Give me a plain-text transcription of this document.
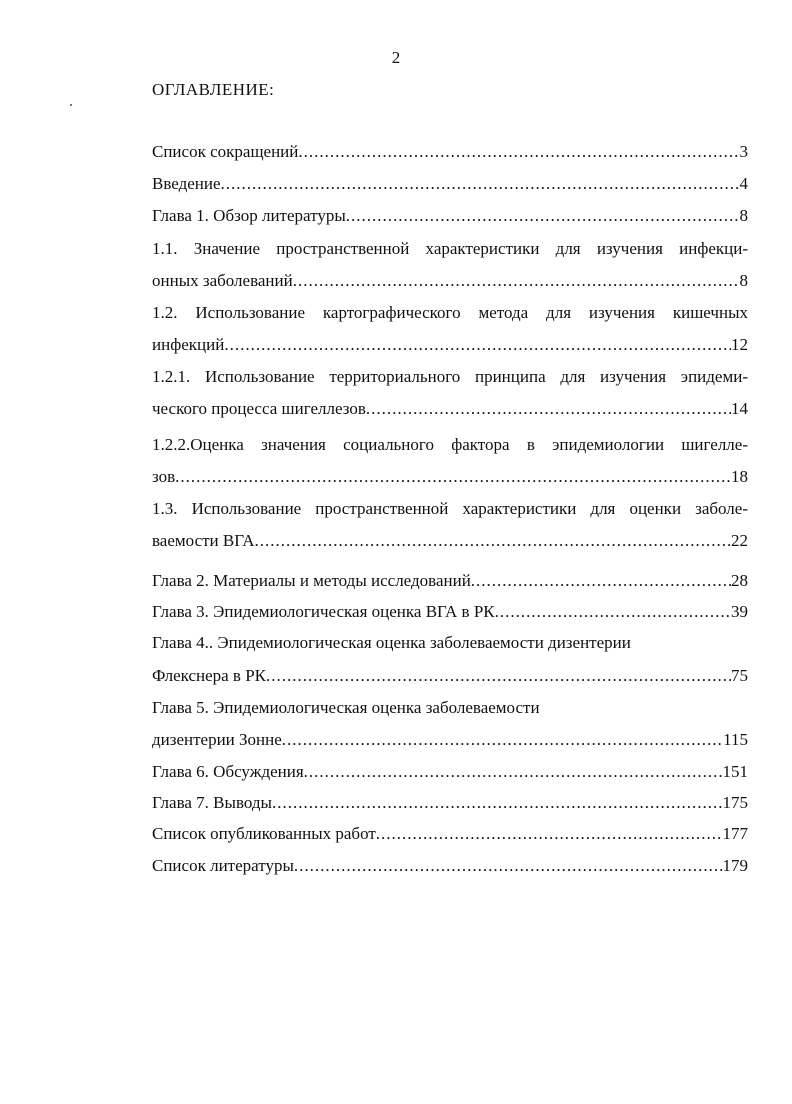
2
ОГЛАВЛЕНИЕ:
Список сокращений .....	3
Введение .....	4
Глава 1. Обзор литературы .....	8
1.1. Значение пространственной характеристики для изучения инфекци-
онных заболеваний .....	8
1.2. Использование картографического метода для изучения кишечных
инфекций .....	12
1.2.1. Использование территориального принципа для изучения эпидеми-
ческого процесса шигеллезов .....	14
1.2.2.Оценка значения социального фактора в эпидемиологии шигелле-
зов .....	18
1.3. Использование пространственной характеристики для оценки заболе-
ваемости ВГА .....	22
Глава 2. Материалы и методы исследований .....	28
Глава 3. Эпидемиологическая оценка ВГА в РК .....	39
Глава 4.. Эпидемиологическая оценка заболеваемости дизентерии
Флекснера в РК .....	75
Глава 5. Эпидемиологическая оценка заболеваемости
дизентерии Зонне .....	115
Глава 6. Обсуждения .....	151
Глава 7. Выводы .....	175
Список опубликованных работ .....	177
Список литературы .....	179
